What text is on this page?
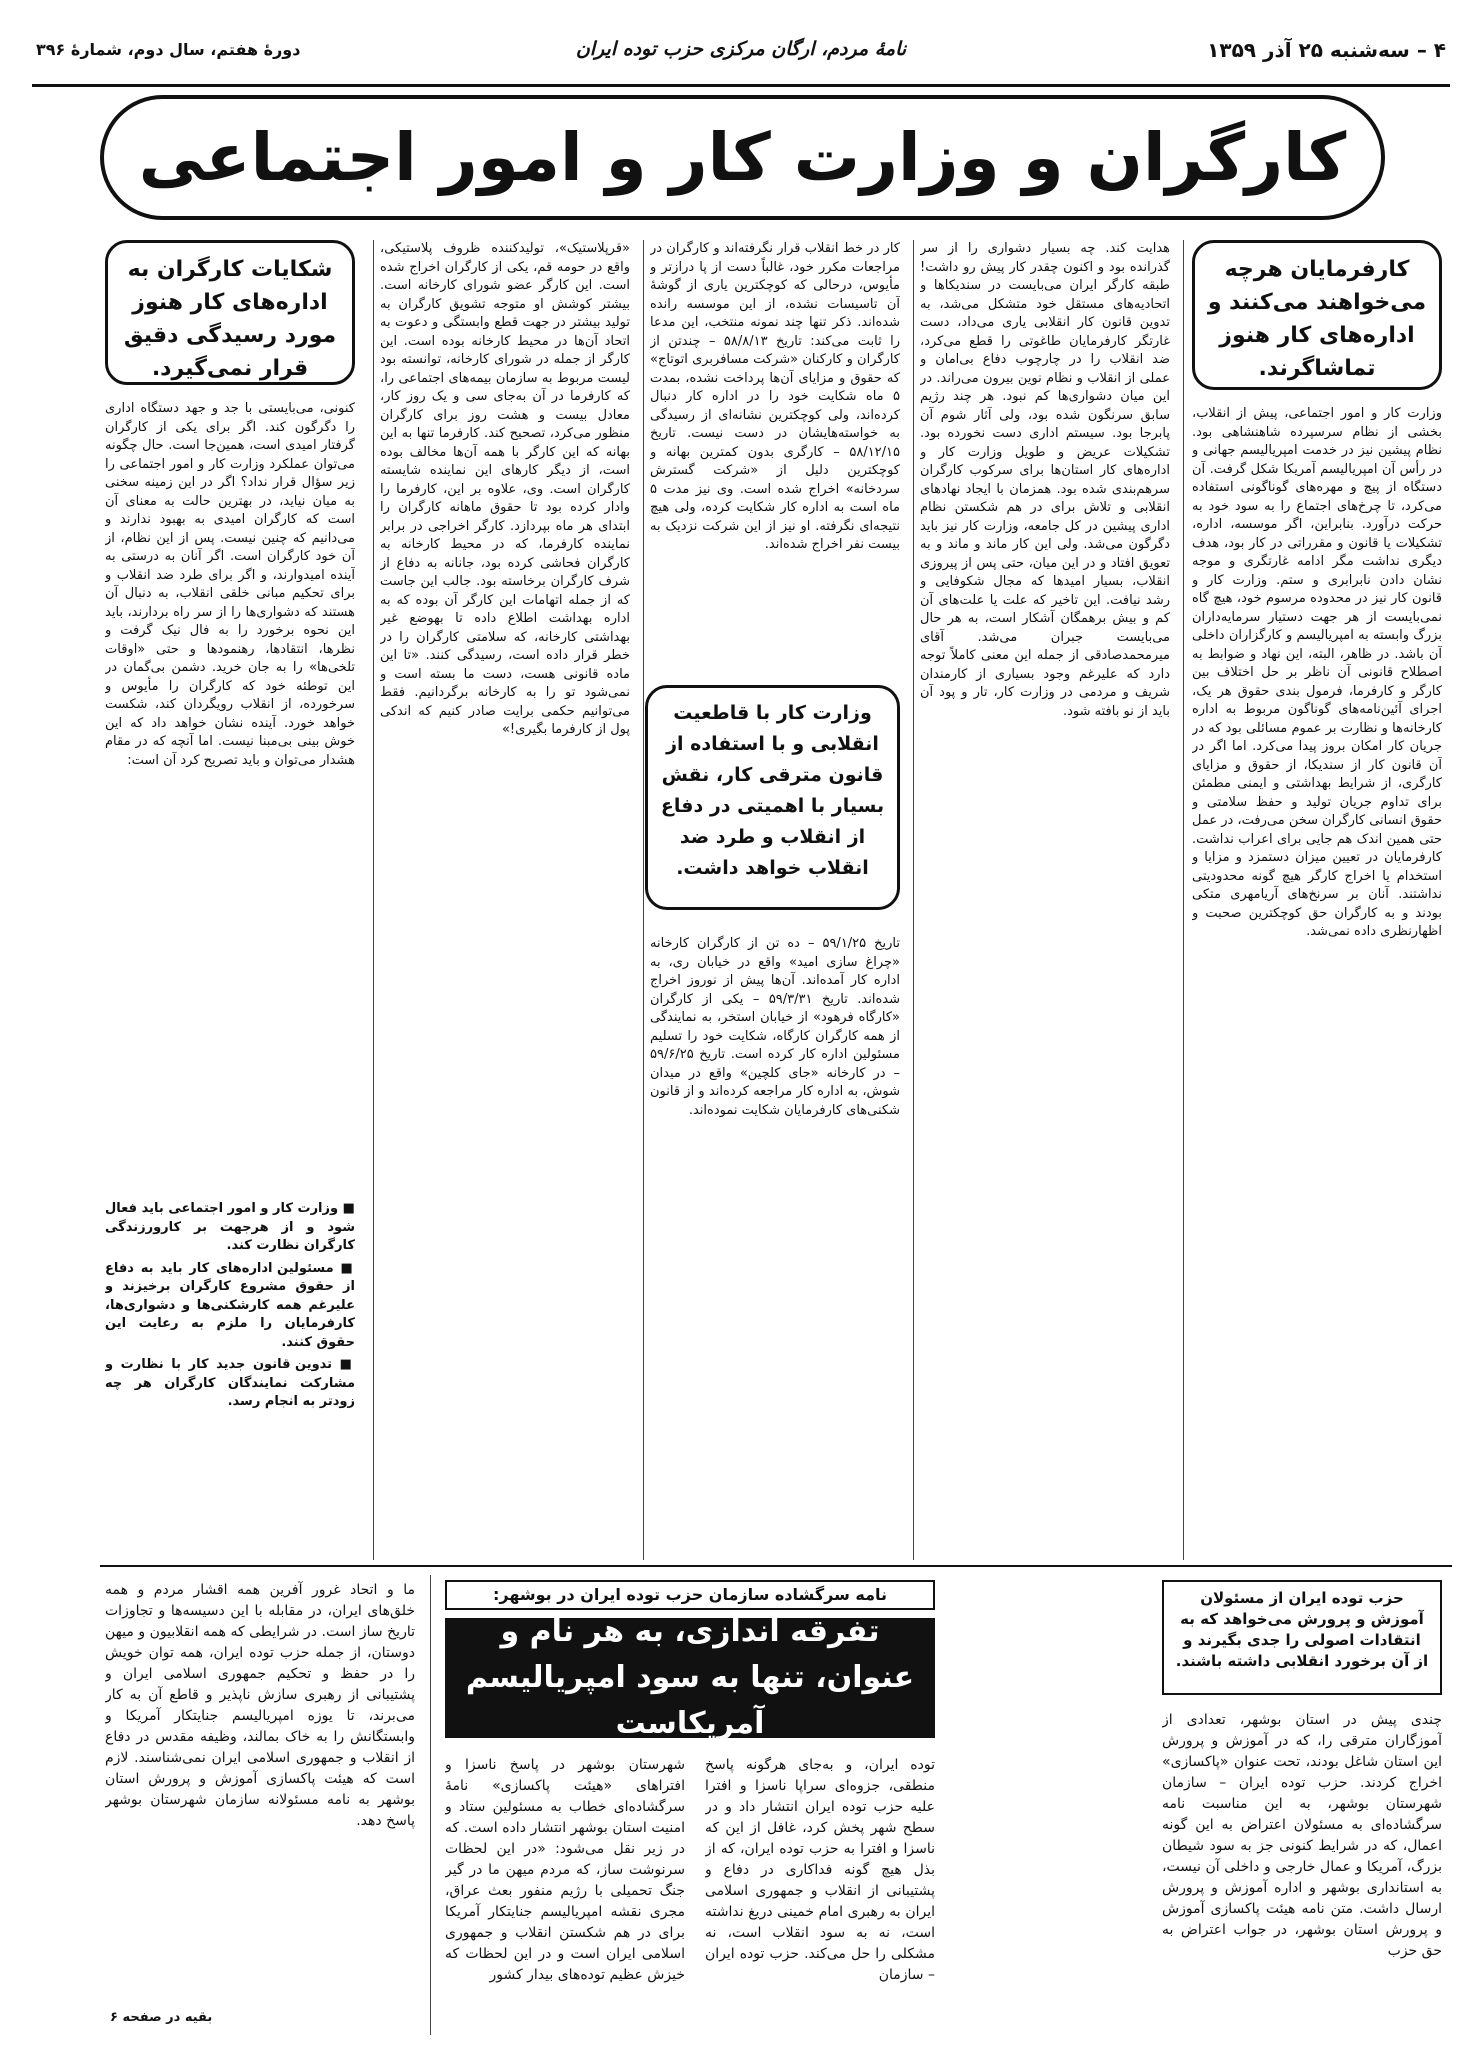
۴ – سه‌شنبه ۲۵ آذر ۱۳۵۹
نامهٔ مردم، ارگان مرکزی حزب توده ایران
دورهٔ هفتم، سال دوم، شمارهٔ ۳۹۶
کارگران و وزارت کار و امور اجتماعی
کارفرمایان هرچه می‌خواهند می‌کنند و اداره‌های کار هنوز تماشاگرند.

وزارت کار و امور اجتماعی، پیش از انقلاب، بخشی از نظام سرسپرده شاهنشاهی بود. نظام پیشین نیز در خدمت امپریالیسم جهانی و در رأس آن امپریالیسم آمریکا شکل گرفت. آن دستگاه از پیچ و مهره‌های گوناگونی استفاده می‌کرد، تا چرخ‌های اجتماع را به سود خود به حرکت درآورد. بنابراین، اگر موسسه، اداره، تشکیلات یا قانون و مقرراتی در کار بود، هدف دیگری نداشت مگر ادامه غارتگری و موجه نشان دادن نابرابری و ستم. وزارت کار و قانون کار نیز در محدوده مرسوم خود، هیچ گاه نمی‌بایست از هر جهت دستیار سرمایه‌داران بزرگ وابسته به امپریالیسم و کارگزاران داخلی آن باشد. در ظاهر، البته، این نهاد و ضوابط به اصطلاح قانونی آن ناظر بر حل اختلاف بین کارگر و کارفرما، فرمول بندی حقوق هر یک، اجرای آئین‌نامه‌های گوناگون مربوط به اداره کارخانه‌ها و نظارت بر عموم مسائلی بود که در جریان کار امکان بروز پیدا می‌کرد. اما اگر در آن قانون کار از سندیکا، از حقوق و مزایای کارگری، از شرایط بهداشتی و ایمنی مطمئن برای تداوم جریان تولید و حفظ سلامتی و حقوق انسانی کارگران سخن می‌رفت، در عمل حتی همین اندک هم جایی برای اعراب نداشت. کارفرمایان در تعیین میزان دستمزد و مزایا و استخدام یا اخراج کارگر هیچ گونه محدودیتی نداشتند. آنان بر سرنخ‌های آریامهری متکی بودند و به کارگران حق کوچکترین صحبت و اظهارنظری داده نمی‌شد.

هدایت کند. چه بسیار دشواری را از سر گذرانده بود و اکنون چقدر کار پیش رو داشت! طبقه کارگر ایران می‌بایست در سندیکاها و اتحادیه‌های مستقل خود متشکل می‌شد، به تدوین قانون کار انقلابی یاری می‌داد، دست غارتگر کارفرمایان طاغوتی را قطع می‌کرد، ضد انقلاب را در چارچوب دفاع بی‌امان و عملی از انقلاب و نظام نوین بیرون می‌راند. در این میان دشواری‌ها کم نبود. هر چند رژیم سابق سرنگون شده بود، ولی آثار شوم آن پابرجا بود. سیستم اداری دست نخورده بود. تشکیلات عریض و طویل وزارت کار و اداره‌های کار استان‌ها برای سرکوب کارگران سرهم‌بندی شده بود. همزمان با ایجاد نهادهای انقلابی و تلاش برای در هم شکستن نظام اداری پیشین در کل جامعه، وزارت کار نیز باید دگرگون می‌شد. ولی این کار ماند و ماند و به تعویق افتاد و در این میان، حتی پس از پیروزی انقلاب، بسیار امیدها که مجال شکوفایی و رشد نیافت. این تاخیر که علت یا علت‌های آن کم و بیش برهمگان آشکار است، به هر حال می‌بایست جبران می‌شد. آقای میرمحمدصادقی از جمله این معنی کاملاً توجه دارد که علیرغم وجود بسیاری از کارمندان شریف و مردمی در وزارت کار، تار و پود آن باید از نو بافته شود.

کار در خط انقلاب قرار نگرفته‌اند و کارگران در مراجعات مکرر خود، غالباً دست از پا درازتر و مأیوس، درحالی که کوچکترین یاری از گوشهٔ آن تاسیسات نشده، از این موسسه رانده شده‌اند. ذکر تنها چند نمونه منتخب، این مدعا را ثابت می‌کند: تاریخ ۵۸/۸/۱۳ – چندتن از کارگران و کارکنان «شرکت مسافربری اتوتاج» که حقوق و مزایای آن‌ها پرداخت نشده، بمدت ۵ ماه شکایت خود را در اداره کار دنبال کرده‌اند، ولی کوچکترین نشانه‌ای از رسیدگی به خواسته‌هایشان در دست نیست. تاریخ ۵۸/۱۲/۱۵ – کارگری بدون کمترین بهانه و کوچکترین دلیل از «شرکت گسترش سردخانه» اخراج شده است. وی نیز مدت ۵ ماه است به اداره کار شکایت کرده، ولی هیچ نتیجه‌ای نگرفته. او نیز از این شرکت نزدیک به بیست نفر اخراج شده‌اند.

وزارت کار با قاطعیت انقلابی و با استفاده از قانون مترقی کار، نقش بسیار با اهمیتی در دفاع از انقلاب و طرد ضد انقلاب خواهد داشت.

تاریخ ۵۹/۱/۲۵ – ده تن از کارگران کارخانه «چراغ سازی امید» واقع در خیابان ری، به اداره کار آمده‌اند. آن‌ها پیش از نوروز اخراج شده‌اند. تاریخ ۵۹/۳/۳۱ – یکی از کارگران «کارگاه فرهود» از خیابان استخر، به نمایندگی از همه کارگران کارگاه، شکایت خود را تسلیم مسئولین اداره کار کرده است. تاریخ ۵۹/۶/۲۵ – در کارخانه «جای کلچین» واقع در میدان شوش، به اداره کار مراجعه کرده‌اند و از قانون شکنی‌های کارفرمایان شکایت نموده‌اند.

«قرپلاستیک»، تولیدکننده ظروف پلاستیکی، واقع در حومه قم، یکی از کارگران اخراج شده است. این کارگر عضو شورای کارخانه است. بیشتر کوشش او متوجه تشویق کارگران به تولید بیشتر در جهت قطع وابستگی و دعوت به اتحاد آن‌ها در محیط کارخانه بوده است. این کارگر از جمله در شورای کارخانه، توانسته بود لیست مربوط به سازمان بیمه‌های اجتماعی را، که کارفرما در آن به‌جای سی و یک روز کار، معادل بیست و هشت روز برای کارگران منظور می‌کرد، تصحیح کند. کارفرما تنها به این بهانه که این کارگر با همه آن‌ها مخالف بوده است، از دیگر کارهای این نماینده شایسته کارگران است. وی، علاوه بر این، کارفرما را وادار کرده بود تا حقوق ماهانه کارگران را ابتدای هر ماه بپردازد. کارگر اخراجی در برابر نماینده کارفرما، که در محیط کارخانه به کارگران فحاشی کرده بود، جانانه به دفاع از شرف کارگران برخاسته بود. جالب این جاست که از جمله اتهامات این کارگر آن بوده که به اداره بهداشت اطلاع داده تا بهوضع غیر بهداشتی کارخانه، که سلامتی کارگران را در خطر قرار داده است، رسیدگی کنند. «تا این ماده قانونی هست، دست ما بسته است و نمی‌شود تو را به کارخانه برگردانیم. فقط می‌توانیم حکمی برایت صادر کنیم که اندکی پول از کارفرما بگیری!»

شکایات کارگران به اداره‌های کار هنوز مورد رسیدگی دقیق قرار نمی‌گیرد.

کنونی، می‌بایستی با جد و جهد دستگاه اداری را دگرگون کند. اگر برای یکی از کارگران گرفتار امیدی است، همین‌جا است. حال چگونه می‌توان عملکرد وزارت کار و امور اجتماعی را زیر سؤال قرار نداد؟ اگر در این زمینه سخنی به میان نیاید، در بهترین حالت به معنای آن است که کارگران امیدی به بهبود ندارند و می‌دانیم که چنین نیست. پس از این نظام، از آن خود کارگران است. اگر آنان به درستی به آینده امیدوارند، و اگر برای طرد ضد انقلاب و برای تحکیم مبانی خلقی انقلاب، به دنبال آن هستند که دشواری‌ها را از سر راه بردارند، باید این نحوه برخورد را به فال نیک گرفت و نظرها، انتقادها، رهنمودها و حتی «اوقات تلخی‌ها» را به جان خرید. دشمن بی‌گمان در این توطئه خود که کارگران را مأیوس و سرخورده، از انقلاب رویگردان کند، شکست خواهد خورد. آینده نشان خواهد داد که این خوش بینی بی‌مبنا نیست. اما آنچه که در مقام هشدار می‌توان و باید تصریح کرد آن است:

■ وزارت کار و امور اجتماعی باید فعال شود و از هرجهت بر کارورزندگی کارگران نظارت کند.

■ مسئولین اداره‌های کار باید به دفاع از حقوق مشروع کارگران برخیزند و علیرغم همه کارشکنی‌ها و دشواری‌ها، کارفرمایان را ملزم به رعایت این حقوق کنند.

■ تدوین قانون جدید کار با نظارت و مشارکت نمایندگان کارگران هر چه زودتر به انجام رسد.

حزب توده ایران از مسئولان آموزش و پرورش می‌خواهد که به انتقادات اصولی را جدی بگیرند و از آن برخورد انقلابی داشته باشند.

چندی پیش در استان بوشهر، تعدادی از آموزگاران مترقی را، که در آموزش و پرورش این استان شاغل بودند، تحت عنوان «پاکسازی» اخراج کردند. حزب توده ایران – سازمان شهرستان بوشهر، به این مناسبت نامه سرگشاده‌ای به مسئولان اعتراض به این گونه اعمال، که در شرایط کنونی جز به سود شیطان بزرگ، آمریکا و عمال خارجی و داخلی آن نیست، به استانداری بوشهر و اداره آموزش و پرورش ارسال داشت. متن نامه هیئت پاکسازی آموزش و پرورش استان بوشهر، در جواب اعتراض به حق حزب

نامه سرگشاده سازمان حزب توده ایران در بوشهر:
تفرقه اندازی، به هر نام و عنوان، تنها به سود امپریالیسم آمریکاست

توده ایران، و به‌جای هرگونه پاسخ منطقی، جزوه‌ای سراپا ناسزا و افترا علیه حزب توده ایران انتشار داد و در سطح شهر پخش کرد، غافل از این که ناسزا و افترا به حزب توده ایران، که از بذل هیچ گونه فداکاری در دفاع و پشتیبانی از انقلاب و جمهوری اسلامی ایران به رهبری امام خمینی دریغ نداشته است، نه به سود انقلاب است، نه مشکلی را حل می‌کند. حزب توده ایران – سازمان

شهرستان بوشهر در پاسخ ناسزا و افتراهای «هیئت پاکسازی» نامهٔ سرگشاده‌ای خطاب به مسئولین ستاد و امنیت استان بوشهر انتشار داده است. که در زیر نقل می‌شود: «در این لحظات سرنوشت ساز، که مردم میهن ما در گیر جنگ تحمیلی با رژیم منفور بعث عراق، مجری نقشه امپریالیسم جنایتکار آمریکا برای در هم شکستن انقلاب و جمهوری اسلامی ایران است و در این لحظات که خیزش عظیم توده‌های بیدار کشور

ما و اتحاد غرور آفرین همه اقشار مردم و همه خلق‌های ایران، در مقابله با این دسیسه‌ها و تجاوزات تاریخ ساز است. در شرایطی که همه انقلابیون و میهن دوستان، از جمله حزب توده ایران، همه توان خویش را در حفظ و تحکیم جمهوری اسلامی ایران و پشتیبانی از رهبری سازش ناپذیر و قاطع آن به کار می‌برند، تا یوزه امپریالیسم جنایتکار آمریکا و وابستگانش را به خاک بمالند، وظیفه مقدس در دفاع از انقلاب و جمهوری اسلامی ایران نمی‌شناسند. لازم است که هیئت پاکسازی آموزش و پرورش استان بوشهر به نامه مسئولانه سازمان شهرستان بوشهر پاسخ دهد.

بقیه در صفحه ۶
